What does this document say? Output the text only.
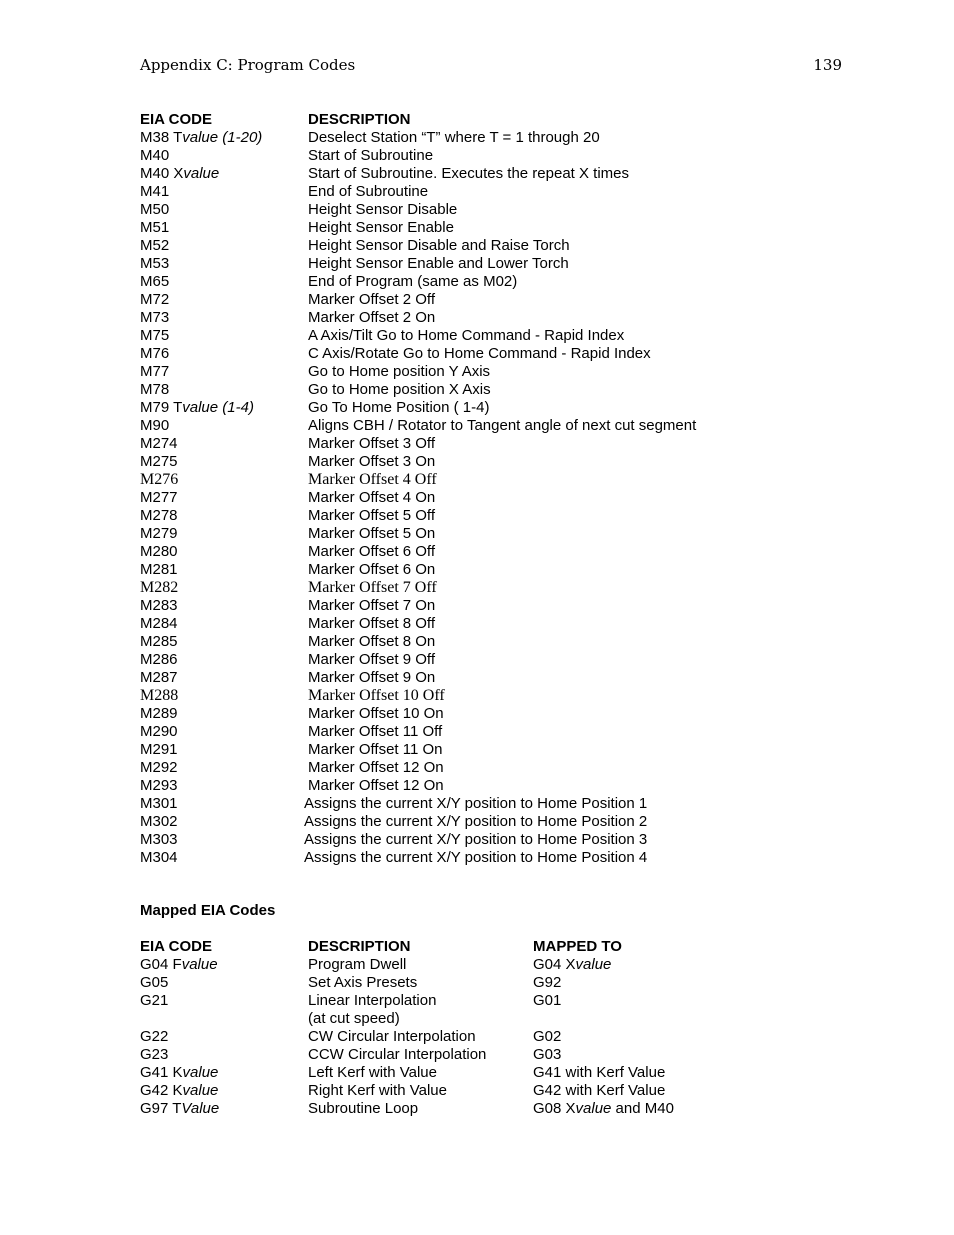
Appendix C: Program Codes	139
EIA CODE	DESCRIPTION
M38 Tvalue (1-20)	Deselect Station “T” where T = 1 through 20
M40	Start of Subroutine
M40 Xvalue	Start of Subroutine. Executes the repeat X times
M41	End of Subroutine
M50	Height Sensor Disable
M51	Height Sensor Enable
M52	Height Sensor Disable and Raise Torch
M53	Height Sensor Enable and Lower Torch
M65	End of Program (same as M02)
M72	Marker Offset 2 Off
M73	Marker Offset 2 On
M75	A Axis/Tilt Go to Home Command - Rapid Index
M76	C Axis/Rotate Go to Home Command - Rapid Index
M77	Go to Home position Y Axis
M78	Go to Home position X Axis
M79 Tvalue (1-4)	Go To Home Position ( 1-4)
M90	Aligns CBH / Rotator to Tangent angle of next cut segment
M274	Marker Offset 3 Off
M275	Marker Offset 3 On
M276	Marker Offset 4 Off
M277	Marker Offset 4 On
M278	Marker Offset 5 Off
M279	Marker Offset 5 On
M280	Marker Offset 6 Off
M281	Marker Offset 6 On
M282	Marker Offset 7 Off
M283	Marker Offset 7 On
M284	Marker Offset 8 Off
M285	Marker Offset 8 On
M286	Marker Offset 9 Off
M287	Marker Offset 9 On
M288	Marker Offset 10 Off
M289	Marker Offset 10 On
M290	Marker Offset 11 Off
M291	Marker Offset 11 On
M292	Marker Offset 12 On
M293	Marker Offset 12 On
M301	Assigns the current X/Y position to Home Position 1
M302	Assigns the current X/Y position to Home Position 2
M303	Assigns the current X/Y position to Home Position 3
M304	Assigns the current X/Y position to Home Position 4
Mapped EIA Codes
EIA CODE	DESCRIPTION	MAPPED TO
G04 Fvalue	Program Dwell	G04 Xvalue
G05	Set Axis Presets	G92
G21	Linear Interpolation	G01
(at cut speed)
G22	CW Circular Interpolation	G02
G23	CCW Circular Interpolation	G03
G41 Kvalue	Left Kerf with Value	G41 with Kerf Value
G42 Kvalue	Right Kerf with Value	G42 with Kerf Value
G97 TValue	Subroutine Loop	G08 Xvalue and M40
